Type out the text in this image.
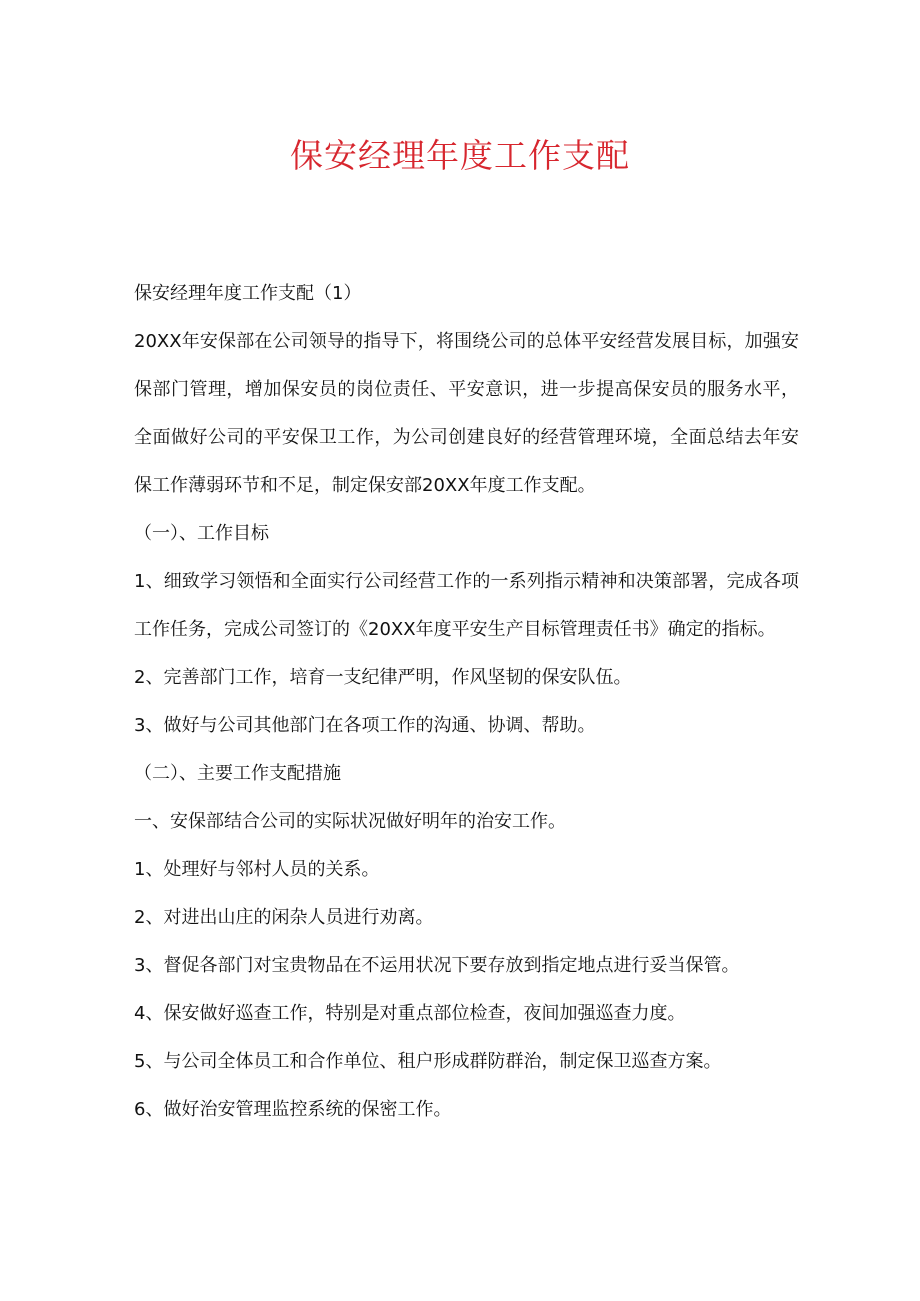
保安经理年度工作支配

保安经理年度工作支配（1）

20XX年安保部在公司领导的指导下，将围绕公司的总体平安经营发展目标，加强安保部门管理，增加保安员的岗位责任、平安意识，进一步提高保安员的服务水平，全面做好公司的平安保卫工作，为公司创建良好的经营管理环境，全面总结去年安保工作薄弱环节和不足，制定保安部20XX年度工作支配。

（一）、工作目标

1、细致学习领悟和全面实行公司经营工作的一系列指示精神和决策部署，完成各项工作任务，完成公司签订的《20XX年度平安生产目标管理责任书》确定的指标。

2、完善部门工作，培育一支纪律严明，作风坚韧的保安队伍。

3、做好与公司其他部门在各项工作的沟通、协调、帮助。

（二）、主要工作支配措施

一、安保部结合公司的实际状况做好明年的治安工作。

1、处理好与邻村人员的关系。

2、对进出山庄的闲杂人员进行劝离。

3、督促各部门对宝贵物品在不运用状况下要存放到指定地点进行妥当保管。

4、保安做好巡查工作，特别是对重点部位检查，夜间加强巡查力度。

5、与公司全体员工和合作单位、租户形成群防群治，制定保卫巡查方案。

6、做好治安管理监控系统的保密工作。
